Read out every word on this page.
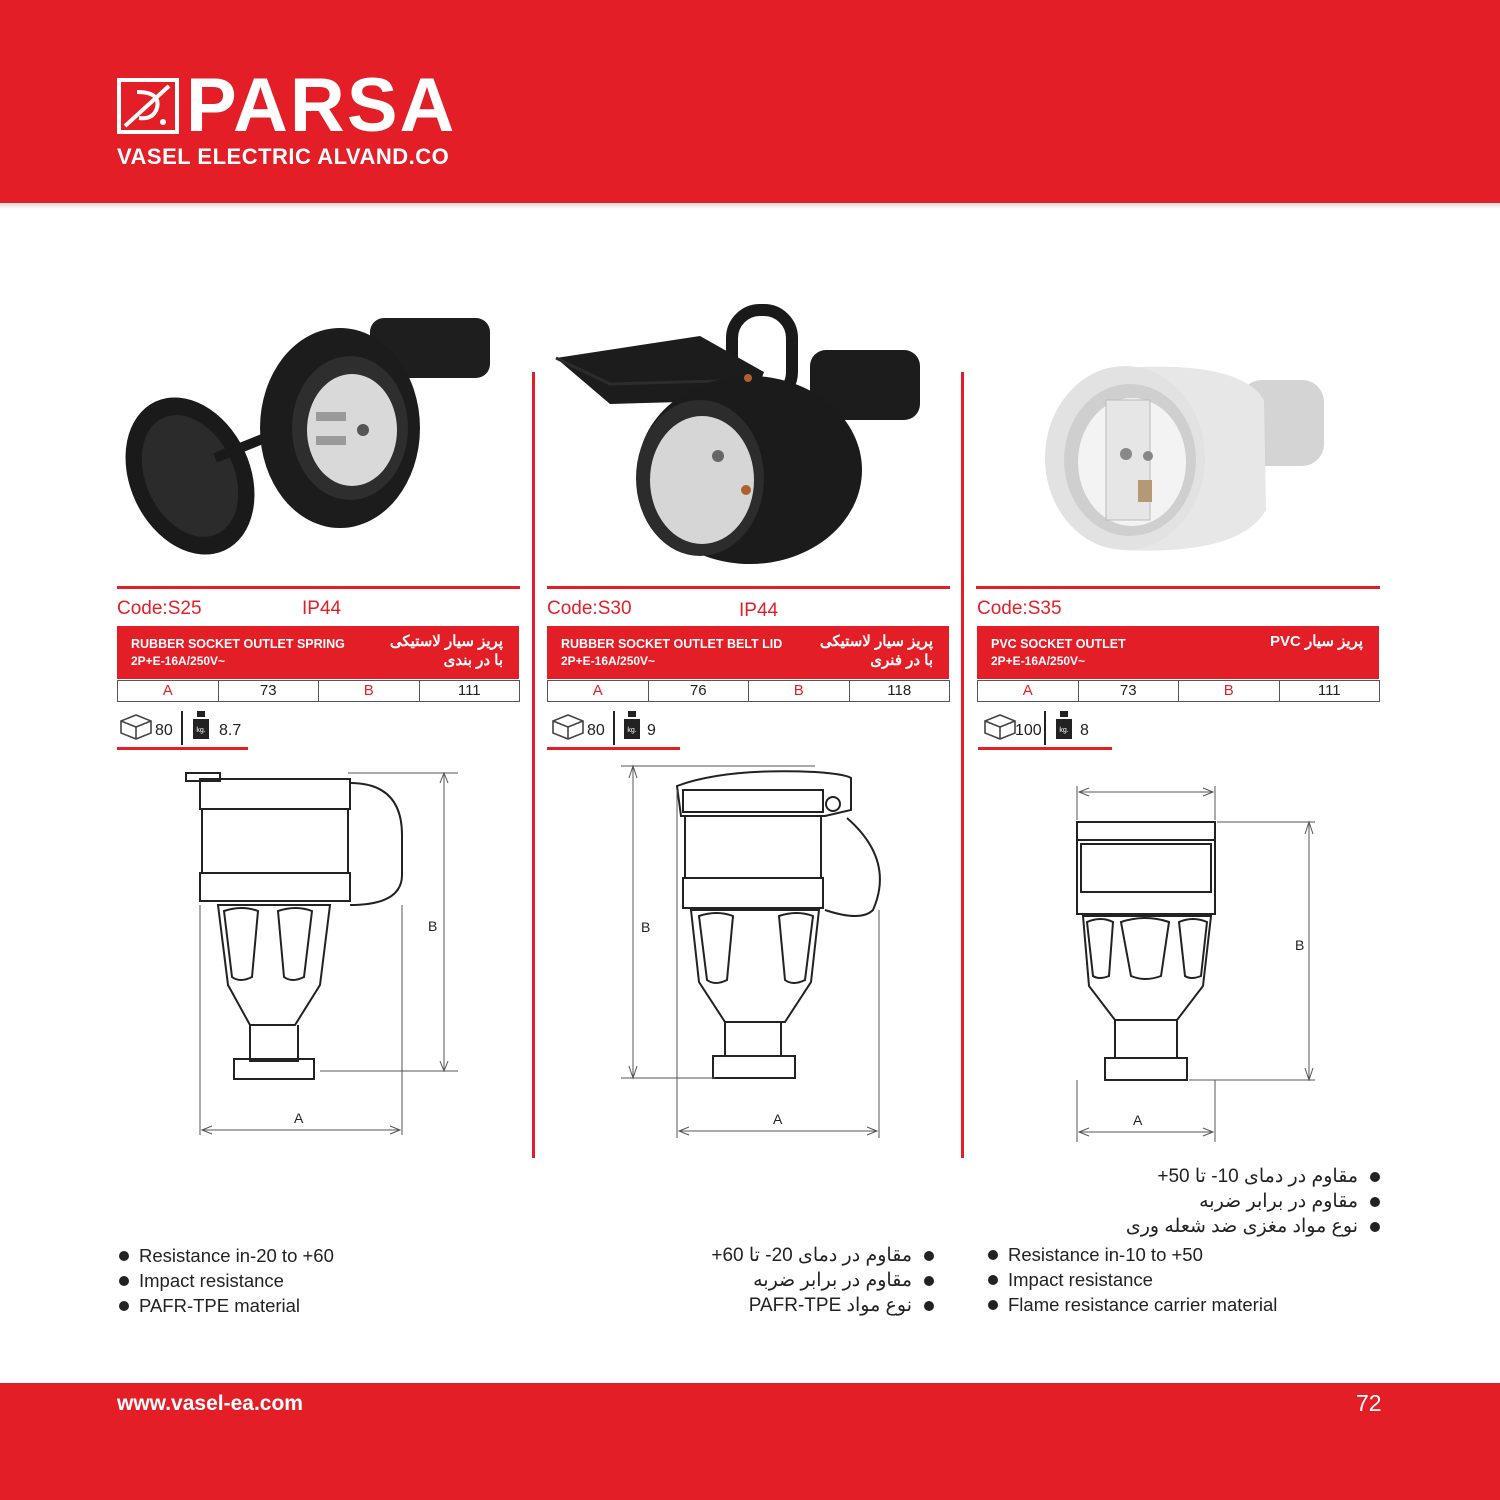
PARSA
VASEL ELECTRIC ALVAND.CO
Code:S25	IP44
RUBBER SOCKET OUTLET SPRING
2P+E-16A/250V~
پریز سیار لاستیکی
با در بندی
A	73	B	111
80	kg. 8.7
B
A
Resistance in-20 to +60
Impact resistance
PAFR-TPE material
Code:S30	IP44
RUBBER SOCKET OUTLET BELT LID
2P+E-16A/250V~
پریز سیار لاستیکی
با در فنری
A	76	B	118
80	kg. 9
B
A
مقاوم در دمای 20- تا 60+
مقاوم در برابر ضربه
نوع مواد PAFR-TPE
Code:S35
PVC SOCKET OUTLET
2P+E-16A/250V~
پریز سیار PVC
A	73	B	111
100	kg. 8
B
A
مقاوم در دمای 10- تا 50+
مقاوم در برابر ضربه
نوع مواد مغزی ضد شعله وری
Resistance in-10 to +50
Impact resistance
Flame resistance carrier material
www.vasel-ea.com	72
